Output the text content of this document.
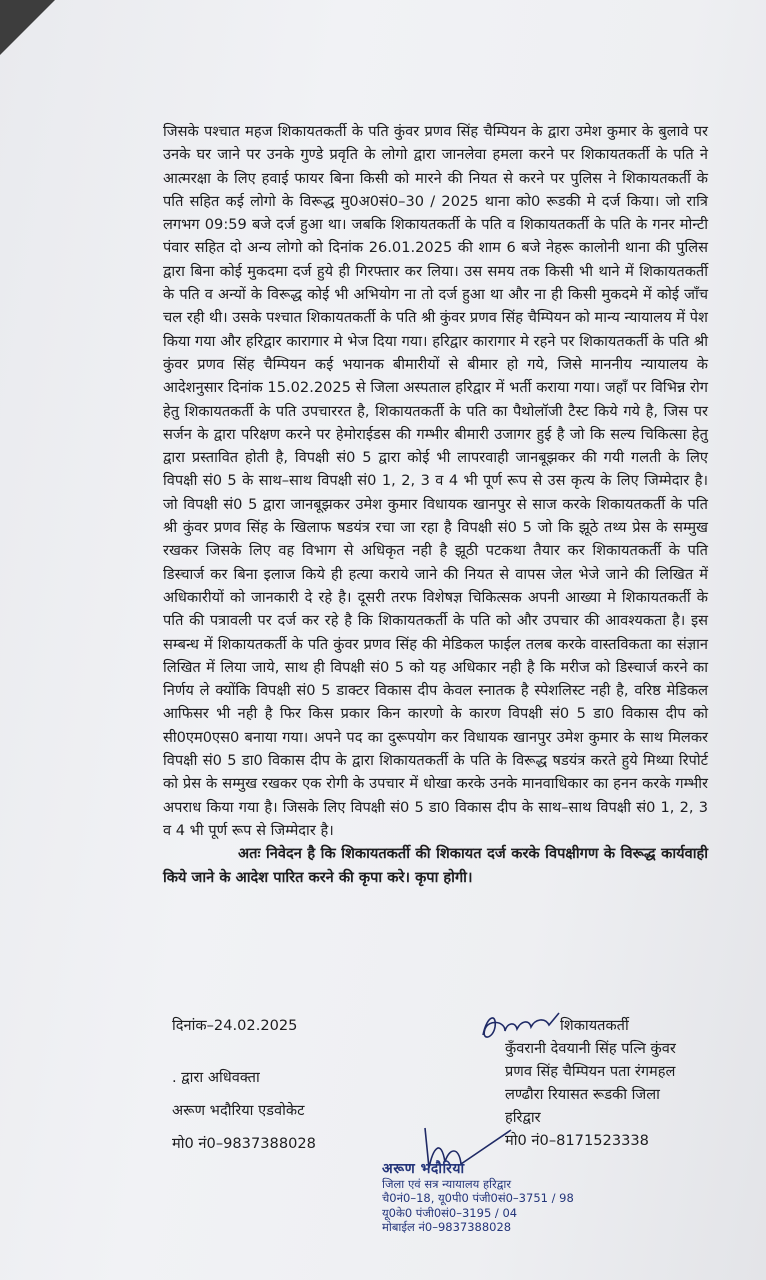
जिसके पश्चात महज शिकायतकर्ती के पति कुंवर प्रणव सिंह चैम्पियन के द्वारा उमेश कुमार के बुलावे पर उनके घर जाने पर उनके गुण्डे प्रवृति के लोगो द्वारा जानलेवा हमला करने पर शिकायतकर्ती के पति ने आत्मरक्षा के लिए हवाई फायर बिना किसी को मारने की नियत से करने पर पुलिस ने शिकायतकर्ती के पति सहित कई लोगो के विरूद्ध मु0अ0सं0–30 / 2025 थाना को0 रूडकी मे दर्ज किया। जो रात्रि लगभग 09:59 बजे दर्ज हुआ था। जबकि शिकायतकर्ती के पति व शिकायतकर्ती के पति के गनर मोन्टी पंवार सहित दो अन्य लोगो को दिनांक 26.01.2025 की शाम 6 बजे नेहरू कालोनी थाना की पुलिस द्वारा बिना कोई मुकदमा दर्ज हुये ही गिरफ्तार कर लिया। उस समय तक किसी भी थाने में शिकायतकर्ती के पति व अन्यों के विरूद्ध कोई भी अभियोग ना तो दर्ज हुआ था और ना ही किसी मुकदमे में कोई जाँच चल रही थी। उसके पश्चात शिकायतकर्ती के पति श्री कुंवर प्रणव सिंह चैम्पियन को मान्य न्यायालय में पेश किया गया और हरिद्वार कारागार मे भेज दिया गया। हरिद्वार कारागार मे रहने पर शिकायतकर्ती के पति श्री कुंवर प्रणव सिंह चैम्पियन कई भयानक बीमारीयों से बीमार हो गये, जिसे माननीय न्यायालय के आदेशनुसार दिनांक 15.02.2025 से जिला अस्पताल हरिद्वार में भर्ती कराया गया। जहॉं पर विभिन्न रोग हेतु शिकायतकर्ती के पति उपचाररत है, शिकायतकर्ती के पति का पैथोलॉजी टैस्ट किये गये है, जिस पर सर्जन के द्वारा परिक्षण करने पर हेमोराईडस की गम्भीर बीमारी उजागर हुई है जो कि सल्य चिकित्सा हेतु द्वारा प्रस्तावित होती है, विपक्षी सं0 5 द्वारा कोई भी लापरवाही जानबूझकर की गयी गलती के लिए विपक्षी सं0 5 के साथ–साथ विपक्षी सं0 1, 2, 3 व 4 भी पूर्ण रूप से उस कृत्य के लिए जिम्मेदार है। जो विपक्षी सं0 5 द्वारा जानबूझकर उमेश कुमार विधायक खानपुर से साज करके शिकायतकर्ती के पति श्री कुंवर प्रणव सिंह के खिलाफ षडयंत्र रचा जा रहा है विपक्षी सं0 5 जो कि झूठे तथ्य प्रेस के सम्मुख रखकर जिसके लिए वह विभाग से अधिकृत नही है झूठी पटकथा तैयार कर शिकायतकर्ती के पति डिस्चार्ज कर बिना इलाज किये ही हत्या कराये जाने की नियत से वापस जेल भेजे जाने की लिखित में अधिकारीयों को जानकारी दे रहे है। दूसरी तरफ विशेषज्ञ चिकित्सक अपनी आख्या मे शिकायतकर्ती के पति की पत्रावली पर दर्ज कर रहे है कि शिकायतकर्ती के पति को और उपचार की आवश्यकता है। इस सम्बन्ध में शिकायतकर्ती के पति कुंवर प्रणव सिंह की मेडिकल फाईल तलब करके वास्तविकता का संज्ञान लिखित में लिया जाये, साथ ही विपक्षी सं0 5 को यह अधिकार नही है कि मरीज को डिस्चार्ज करने का निर्णय ले क्योंकि विपक्षी सं0 5 डाक्टर विकास दीप केवल स्नातक है स्पेशलिस्ट नही है, वरिष्ठ मेडिकल आफिसर भी नही है फिर किस प्रकार किन कारणो के कारण विपक्षी सं0 5 डा0 विकास दीप को सी0एम0एस0 बनाया गया। अपने पद का दुरूपयोग कर विधायक खानपुर उमेश कुमार के साथ मिलकर विपक्षी सं0 5 डा0 विकास दीप के द्वारा शिकायतकर्ती के पति के विरूद्ध षडयंत्र करते हुये मिथ्या रिपोर्ट को प्रेस के सम्मुख रखकर एक रोगी के उपचार में धोखा करके उनके मानवाधिकार का हनन करके गम्भीर अपराध किया गया है। जिसके लिए विपक्षी सं0 5 डा0 विकास दीप के साथ–साथ विपक्षी सं0 1, 2, 3 व 4 भी पूर्ण रूप से जिम्मेदार है।

अतः निवेदन है कि शिकायतकर्ती की शिकायत दर्ज करके विपक्षीगण के विरूद्ध कार्यवाही किये जाने के आदेश पारित करने की कृपा करे। कृपा होगी।

दिनांक–24.02.2025	शिकायतकर्ती
कुँवरानी देवयानी सिंह पत्नि कुंवर
प्रणव सिंह चैम्पियन पता रंगमहल
लण्ढौरा रियासत रूडकी जिला
हरिद्वार
मो0 नं0–8171523338
. द्वारा अधिवक्ता
अरूण भदौरिया एडवोकेट
मो0 नं0–9837388028
अरूण भदौरिया
जिला एवं सत्र न्यायालय हरिद्वार
चै0नं0–18, यू0पी0 पंजी0सं0–3751 / 98
यू0के0 पंजी0सं0–3195 / 04
मोबाईल नं0–9837388028
